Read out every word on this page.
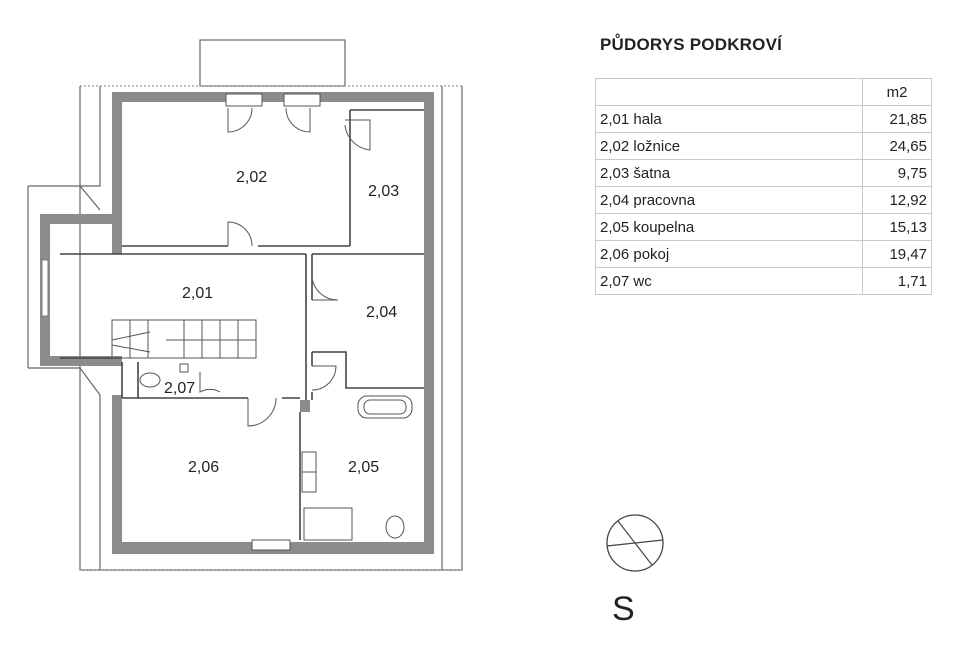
2,02
2,03
2,01
2,04
2,07
2,06	2,05
PŮDORYS PODKROVÍ
	m2
2,01 hala	21,85
2,02 ložnice	24,65
2,03 šatna	9,75
2,04 pracovna	12,92
2,05 koupelna	15,13
2,06 pokoj	19,47
2,07 wc	1,71
S
